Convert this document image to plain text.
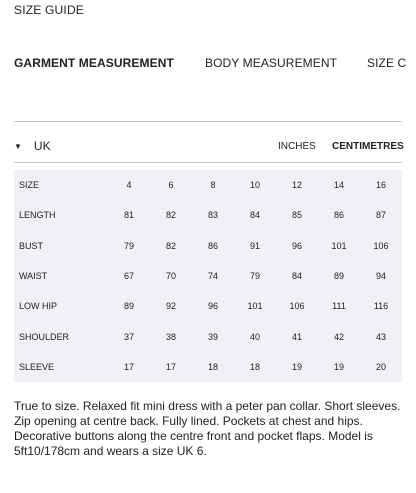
SIZE GUIDE
GARMENT MEASUREMENT	BODY MEASUREMENT SIZE C
▼ UK	INCHES CENTIMETRES
SIZE	4	6	8	10	12	14	16
LENGTH	81	82	83	84	85	86	87
BUST	79	82	86	91	96	101	106
WAIST	67	70	74	79	84	89	94
LOW HIP	89	92	96	101	106	111	116
SHOULDER	37	38	39	40	41	42	43
SLEEVE	17	17	18	18	19	19	20

True to size. Relaxed fit mini dress with a peter pan collar. Short sleeves. Zip opening at centre back. Fully lined. Pockets at chest and hips. Decorative buttons along the centre front and pocket flaps. Model is 5ft10/178cm and wears a size UK 6.
